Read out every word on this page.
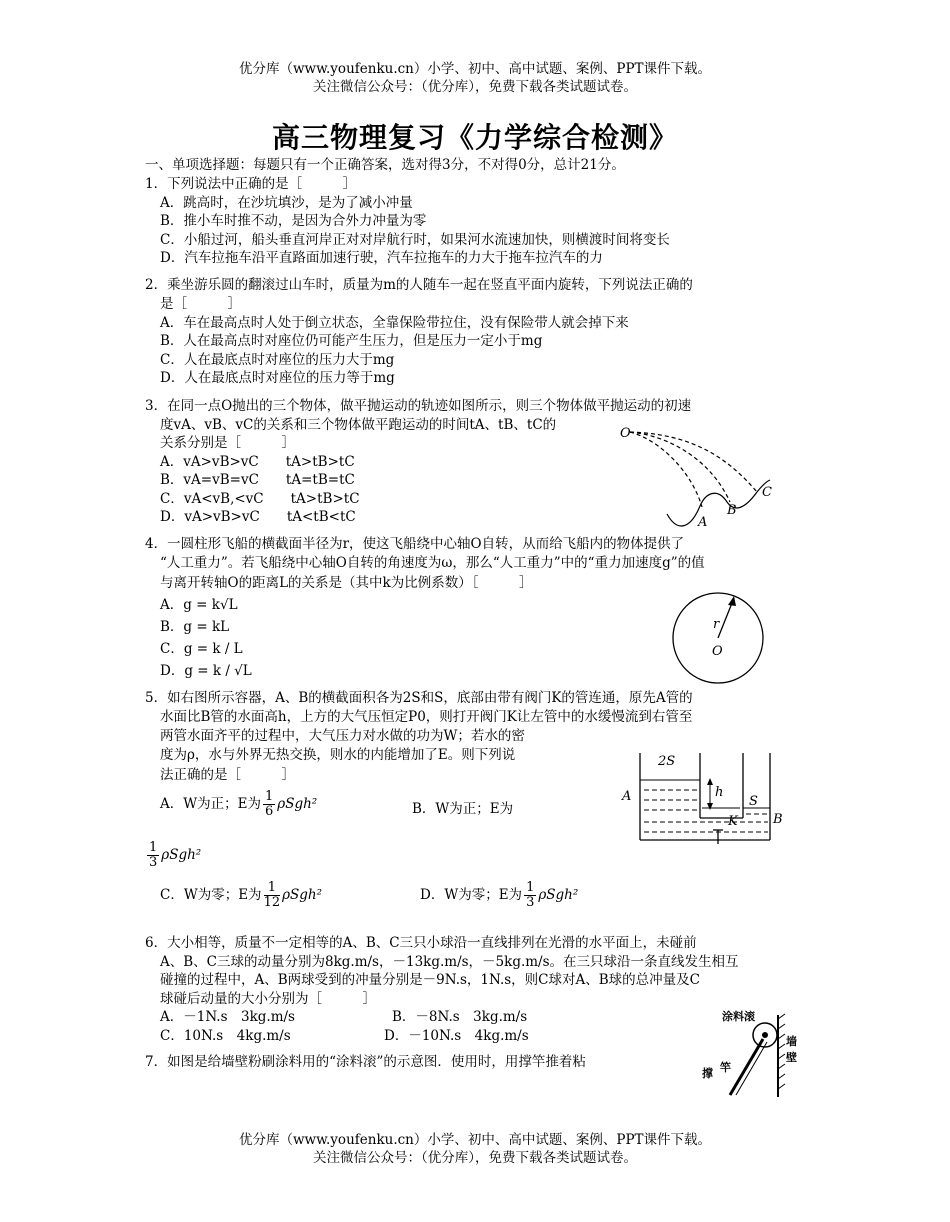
优分库（www.youfenku.cn）小学、初中、高中试题、案例、PPT课件下载。
关注微信公众号：（优分库），免费下载各类试题试卷。
高三物理复习《力学综合检测》
一、单项选择题：每题只有一个正确答案，选对得3分，不对得0分，总计21分。
1．下列说法中正确的是［　　　］
A．跳高时，在沙坑填沙，是为了减小冲量
B．推小车时推不动，是因为合外力冲量为零
C．小船过河，船头垂直河岸正对对岸航行时，如果河水流速加快，则横渡时间将变长
D．汽车拉拖车沿平直路面加速行驶，汽车拉拖车的力大于拖车拉汽车的力
2．乘坐游乐圆的翻滚过山车时，质量为m的人随车一起在竖直平面内旋转，下列说法正确的
是［　　　］
A．车在最高点时人处于倒立状态，全靠保险带拉住，没有保险带人就会掉下来
B．人在最高点时对座位仍可能产生压力，但是压力一定小于mg
C．人在最底点时对座位的压力大于mg
D．人在最底点时对座位的压力等于mg
3．在同一点O抛出的三个物体，做平抛运动的轨迹如图所示，则三个物体做平抛运动的初速
度vA、vB、vC的关系和三个物体做平跑运动的时间tA、tB、tC的
关系分别是［　　　］
A．vA>vB>vC　　tA>tB>tC
B．vA=vB=vC　　tA=tB=tC
C．vA<vB,<vC　　tA>tB>tC
D．vA>vB>vC　　tA<tB<tC
O
A
B
C
4．一圆柱形飞船的横截面半径为r，使这飞船绕中心轴O自转，从而给飞船内的物体提供了
“人工重力”。若飞船绕中心轴O自转的角速度为ω，那么“人工重力”中的“重力加速度g”的值
与离开转轴O的距离L的关系是（其中k为比例系数）［　　　］
A．g = k√L
B．g = kL
C．g = k / L
D．g = k / √L
r
O
5．如右图所示容器，A、B的横截面积各为2S和S，底部由带有阀门K的管连通，原先A管的
水面比B管的水面高h，上方的大气压恒定P0，则打开阀门K让左管中的水缓慢流到右管至
两管水面齐平的过程中，大气压力对水做的功为W；若水的密
度为ρ，水与外界无热交换，则水的内能增加了E。则下列说
法正确的是［　　　］
A．W为正；E为 $\frac{1}{6} \rho Sgh^2$	B．W为正；E为
$\frac{1}{3} \rho Sgh^2$
C．W为零；E为 $\frac{1}{12} \rho Sgh^2$	D．W为零；E为 $\frac{1}{3} \rho Sgh^2$
2S
h
S
A
B
K
6．大小相等，质量不一定相等的A、B、C三只小球沿一直线排列在光滑的水平面上，未碰前
A、B、C三球的动量分别为8kg.m/s，－13kg.m/s，－5kg.m/s。在三只球沿一条直线发生相互
碰撞的过程中，A、B两球受到的冲量分别是－9N.s，1N.s，则C球对A、B球的总冲量及C
球碰后动量的大小分别为［　　　］
A．－1N.s　3kg.m/s	B．－8N.s　3kg.m/s
C．10N.s　4kg.m/s	D．－10N.s　4kg.m/s
7．如图是给墙壁粉刷涂料用的“涂料滚”的示意图．使用时，用撑竿推着粘
涂料滚
墙
壁
撑 竿
优分库（www.youfenku.cn）小学、初中、高中试题、案例、PPT课件下载。
关注微信公众号：（优分库），免费下载各类试题试卷。
